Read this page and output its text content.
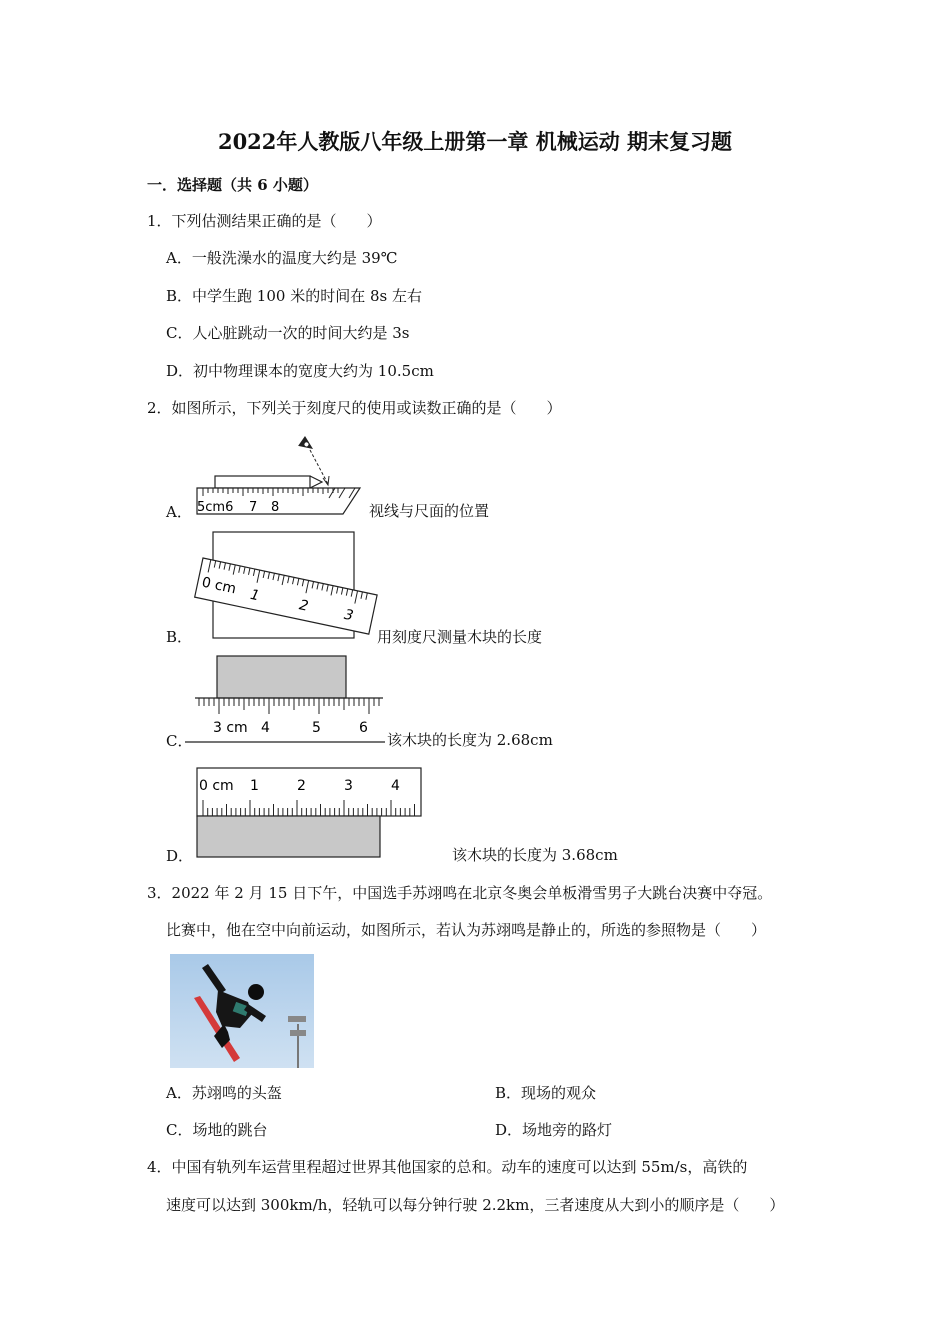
2022年人教版八年级上册第一章 机械运动 期末复习题
一．选择题（共 6 小题）
1．下列估测结果正确的是（　　）
A．一般洗澡水的温度大约是 39℃
B．中学生跑 100 米的时间在 8s 左右
C．人心脏跳动一次的时间大约是 3s
D．初中物理课本的宽度大约为 10.5cm
2．如图所示，下列关于刻度尺的使用或读数正确的是（　　）
5cm6 7 8
A．	视线与尺面的位置
0 cm 1
2
3
B．	用刻度尺测量木块的长度
3 cm 4	5	6
C．	该木块的长度为 2.68cm
0 cm 1	2	3	4
D．	该木块的长度为 3.68cm
3．2022 年 2 月 15 日下午，中国选手苏翊鸣在北京冬奥会单板滑雪男子大跳台决赛中夺冠。
比赛中，他在空中向前运动，如图所示，若认为苏翊鸣是静止的，所选的参照物是（　　）
A．苏翊鸣的头盔	B．现场的观众
C．场地的跳台	D．场地旁的路灯
4．中国有轨列车运营里程超过世界其他国家的总和。动车的速度可以达到 55m/s，高铁的
速度可以达到 300km/h，轻轨可以每分钟行驶 2.2km，三者速度从大到小的顺序是（　　）
